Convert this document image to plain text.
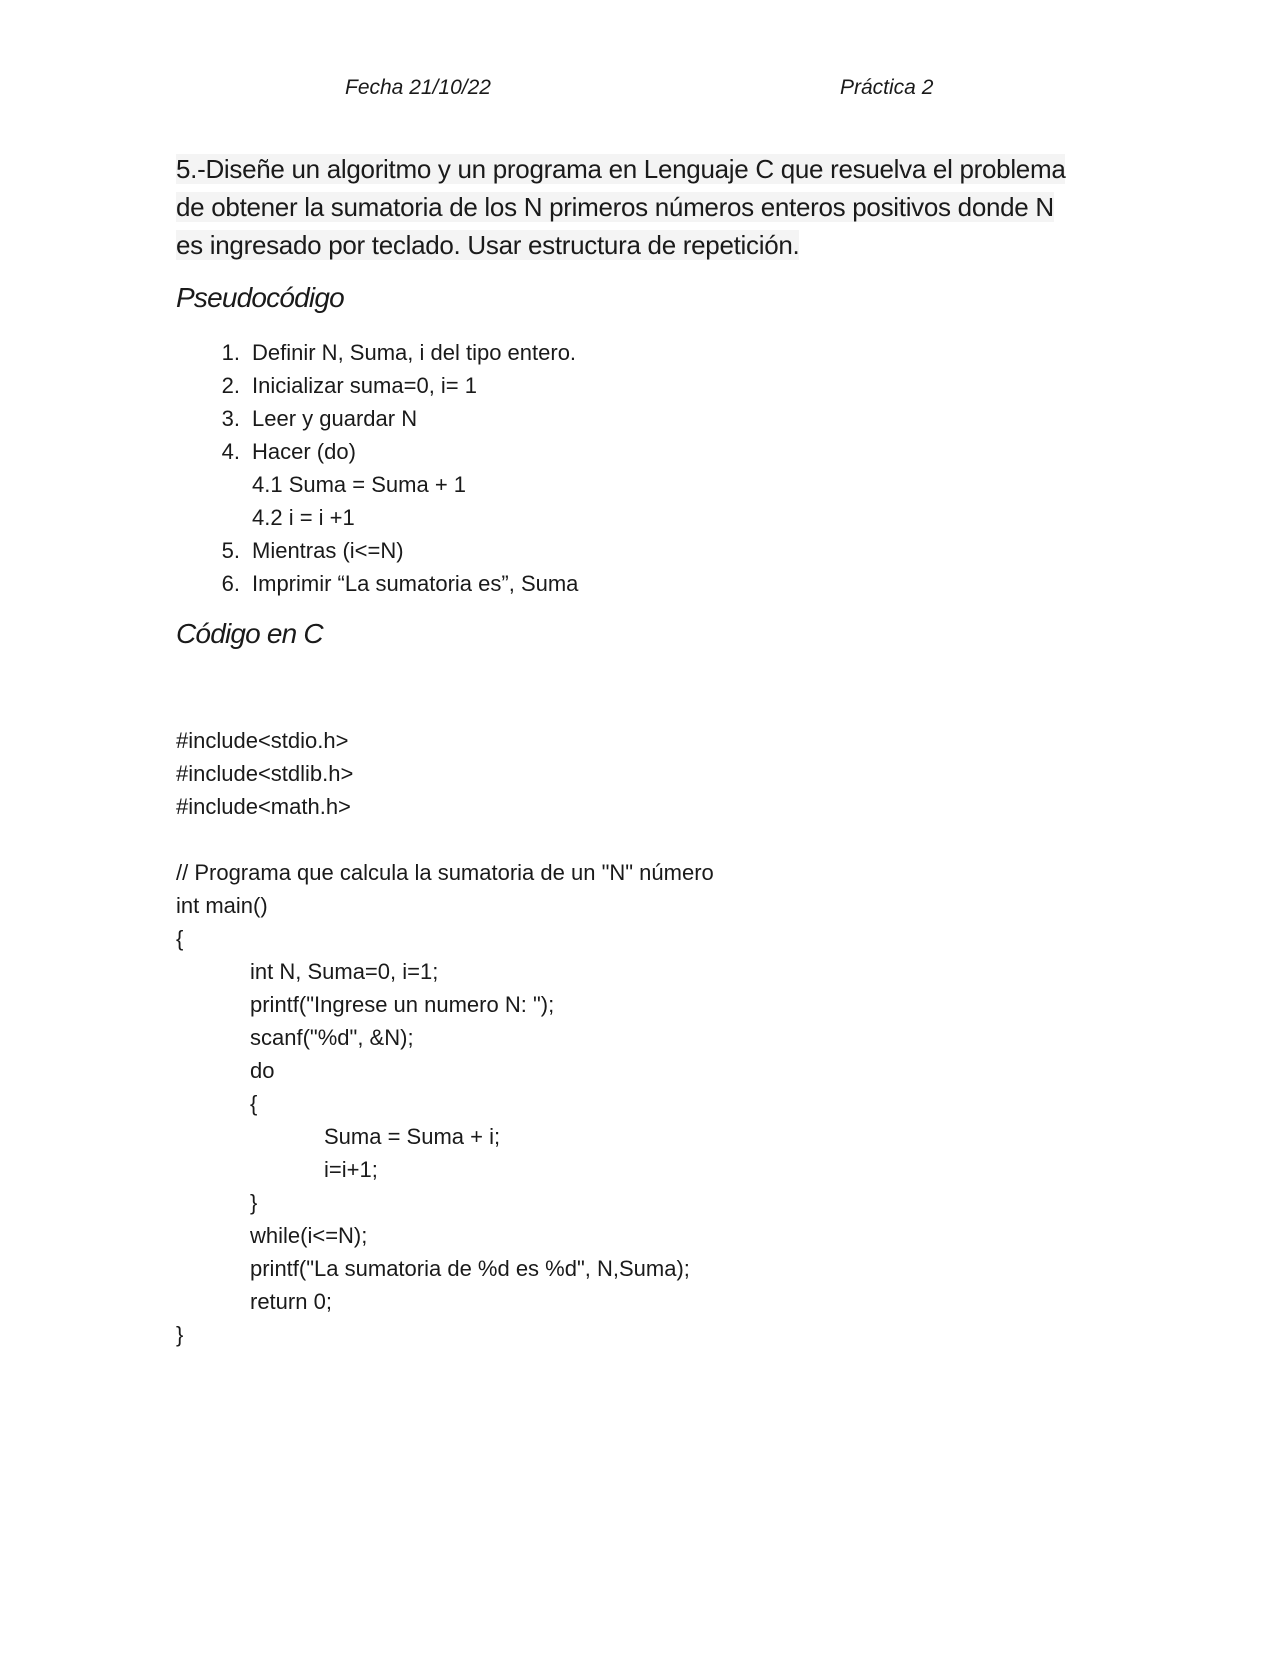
Fecha 21/10/22	Práctica 2
5.-Diseñe un algoritmo y un programa en Lenguaje C que resuelva el problema
de obtener la sumatoria de los N primeros números enteros positivos donde N
es ingresado por teclado. Usar estructura de repetición.
Pseudocódigo
1. Definir N, Suma, i del tipo entero.
2. Inicializar suma=0, i= 1
3. Leer y guardar N
4. Hacer (do)
4.1 Suma = Suma + 1
4.2 i = i +1
5. Mientras (i<=N)
6. Imprimir “La sumatoria es”, Suma
Código en C
#include<stdio.h>
#include<stdlib.h>
#include<math.h>
// Programa que calcula la sumatoria de un "N" número
int main()
{
int N, Suma=0, i=1;
printf("Ingrese un numero N: ");
scanf("%d", &N);
do
{
Suma = Suma + i;
i=i+1;
}
while(i<=N);
printf("La sumatoria de %d es %d", N,Suma);
return 0;
}
